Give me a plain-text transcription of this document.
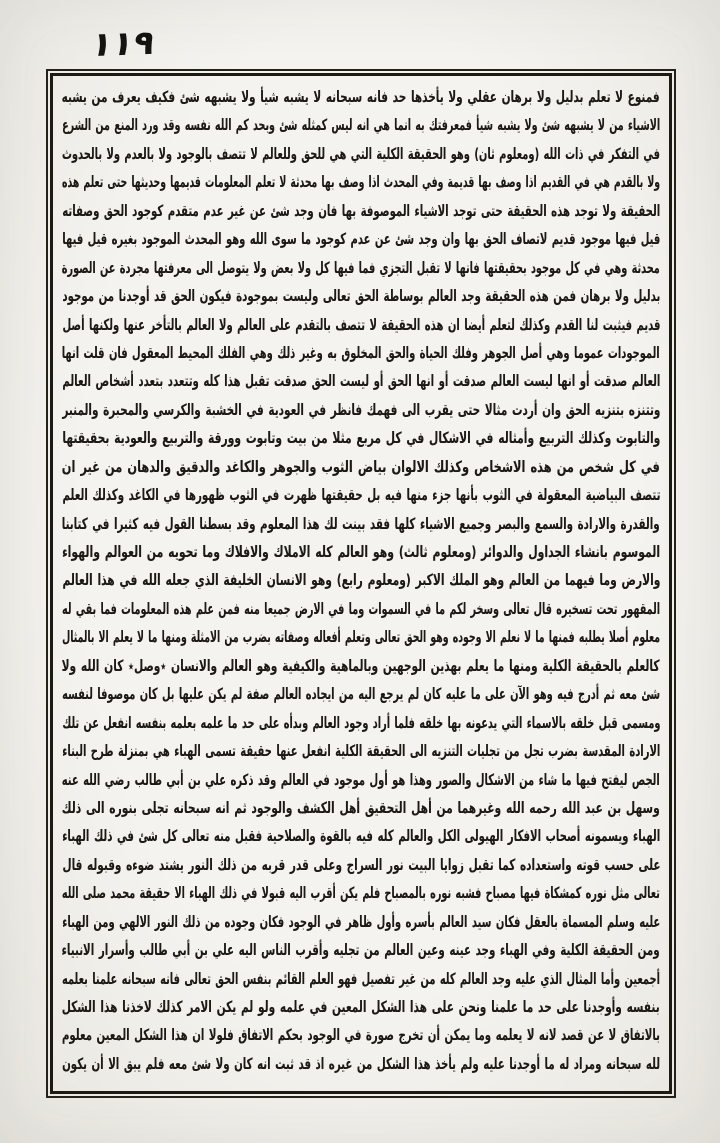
١١٩
فمنوع لا تعلم بدليل ولا برهان عقلي ولا يأخذها حد فانه سبحانه لا يشبه شيأ ولا يشبهه شئ فكيف يعرف من يشبه
الاشياء من لا يشبهه شئ ولا يشبه شيأ فمعرفتك به انما هي انه ليس كمثله شئ وبحد كم الله نفسه وقد ورد المنع من الشرع
في التفكر في ذات الله (ومعلوم ثان) وهو الحقيقة الكلية التي هي للحق وللعالم لا تتصف بالوجود ولا بالعدم ولا بالحدوث
ولا بالقدم هي في القديم اذا وصف بها قديمة وفي المحدث اذا وصف بها محدثة لا تعلم المعلومات قديمها وحديثها حتى تعلم هذه
الحقيقة ولا توجد هذه الحقيقة حتى توجد الاشياء الموصوفة بها فان وجد شئ عن غير عدم متقدم كوجود الحق وصفاته
قيل فيها موجود قديم لاتصاف الحق بها وان وجد شئ عن عدم كوجود ما سوى الله وهو المحدث الموجود بغيره قيل فيها
محدثة وهي في كل موجود بحقيقتها فانها لا تقبل التجزي فما فيها كل ولا بعض ولا يتوصل الى معرفتها مجردة عن الصورة
بدليل ولا برهان فمن هذه الحقيقة وجد العالم بوساطة الحق تعالى وليست بموجودة فيكون الحق قد أوجدنا من موجود
قديم فيثبت لنا القدم وكذلك لتعلم أيضا ان هذه الحقيقة لا تتصف بالتقدم على العالم ولا العالم بالتأخر عنها ولكنها أصل
الموجودات عموما وهي أصل الجوهر وفلك الحياة والحق المخلوق به وغير ذلك وهي الفلك المحيط المعقول فان قلت انها
العالم صدقت أو انها ليست العالم صدقت أو انها الحق أو ليست الحق صدقت تقبل هذا كله وتتعدد بتعدد أشخاص العالم
وتتنزه بتنزيه الحق وان أردت مثالا حتى يقرب الى فهمك فانظر في العودية في الخشبة والكرسي والمحبرة والمنبر
والتابوت وكذلك التربيع وأمثاله في الاشكال في كل مربع مثلا من بيت وتابوت وورقة والتربيع والعودية بحقيقتها
في كل شخص من هذه الاشخاص وكذلك الالوان بياض الثوب والجوهر والكاغد والدقيق والدهان من غير ان
تتصف البياضية المعقولة في الثوب بأنها جزء منها فيه بل حقيقتها ظهرت في الثوب ظهورها في الكاغد وكذلك العلم
والقدرة والارادة والسمع والبصر وجميع الاشياء كلها فقد بينت لك هذا المعلوم وقد بسطنا القول فيه كثيرا في كتابنا
الموسوم بانشاء الجداول والدوائر (ومعلوم ثالث) وهو العالم كله الاملاك والافلاك وما تحويه من العوالم والهواء
والارض وما فيهما من العالم وهو الملك الاكبر (ومعلوم رابع) وهو الانسان الخليفة الذي جعله الله في هذا العالم
المقهور تحت تسخيره قال تعالى وسخر لكم ما في السموات وما في الارض جميعا منه فمن علم هذه المعلومات فما بقي له
معلوم أصلا يطلبه فمنها ما لا نعلم الا وجوده وهو الحق تعالى وتعلم أفعاله وصفاته بضرب من الامثلة ومنها ما لا يعلم الا بالمثال
كالعلم بالحقيقة الكلية ومنها ما يعلم بهذين الوجهين وبالماهية والكيفية وهو العالم والانسان ٭وصل٭ كان الله ولا
شئ معه ثم أدرج فيه وهو الآن على ما عليه كان لم يرجع اليه من ايجاده العالم صفة لم يكن عليها بل كان موصوفا لنفسه
ومسمى قبل خلقه بالاسماء التي يدعونه بها خلقه فلما أراد وجود العالم وبدأه على حد ما علمه بعلمه بنفسه انفعل عن تلك
الارادة المقدسة بضرب تجل من تجليات التنزيه الى الحقيقة الكلية انفعل عنها حقيقة تسمى الهباء هي بمنزلة طرح البناء
الجص ليفتح فيها ما شاء من الاشكال والصور وهذا هو أول موجود في العالم وقد ذكره علي بن أبي طالب رضي الله عنه
وسهل بن عبد الله رحمه الله وغيرهما من أهل التحقيق أهل الكشف والوجود ثم انه سبحانه تجلى بنوره الى ذلك
الهباء ويسمونه أصحاب الافكار الهيولى الكل والعالم كله فيه بالقوة والصلاحية فقبل منه تعالى كل شئ في ذلك الهباء
على حسب قوته واستعداده كما تقبل زوايا البيت نور السراج وعلى قدر قربه من ذلك النور يشتد ضوءه وقبوله قال
تعالى مثل نوره كمشكاة فيها مصباح فشبه نوره بالمصباح فلم يكن أقرب اليه قبولا في ذلك الهباء الا حقيقة محمد صلى الله
عليه وسلم المسماة بالعقل فكان سيد العالم بأسره وأول ظاهر في الوجود فكان وجوده من ذلك النور الالهي ومن الهباء
ومن الحقيقة الكلية وفي الهباء وجد عينه وعين العالم من تجليه وأقرب الناس اليه علي بن أبي طالب وأسرار الانبياء
أجمعين وأما المثال الذي عليه وجد العالم كله من غير تفصيل فهو العلم القائم بنفس الحق تعالى فانه سبحانه علمنا بعلمه
بنفسه وأوجدنا على حد ما علمنا ونحن على هذا الشكل المعين في علمه ولو لم يكن الامر كذلك لاخذنا هذا الشكل
بالاتفاق لا عن قصد لانه لا يعلمه وما يمكن أن تخرج صورة في الوجود بحكم الاتفاق فلولا ان هذا الشكل المعين معلوم
لله سبحانه ومراد له ما أوجدنا عليه ولم يأخذ هذا الشكل من غيره اذ قد ثبت انه كان ولا شئ معه فلم يبق الا أن يكون
